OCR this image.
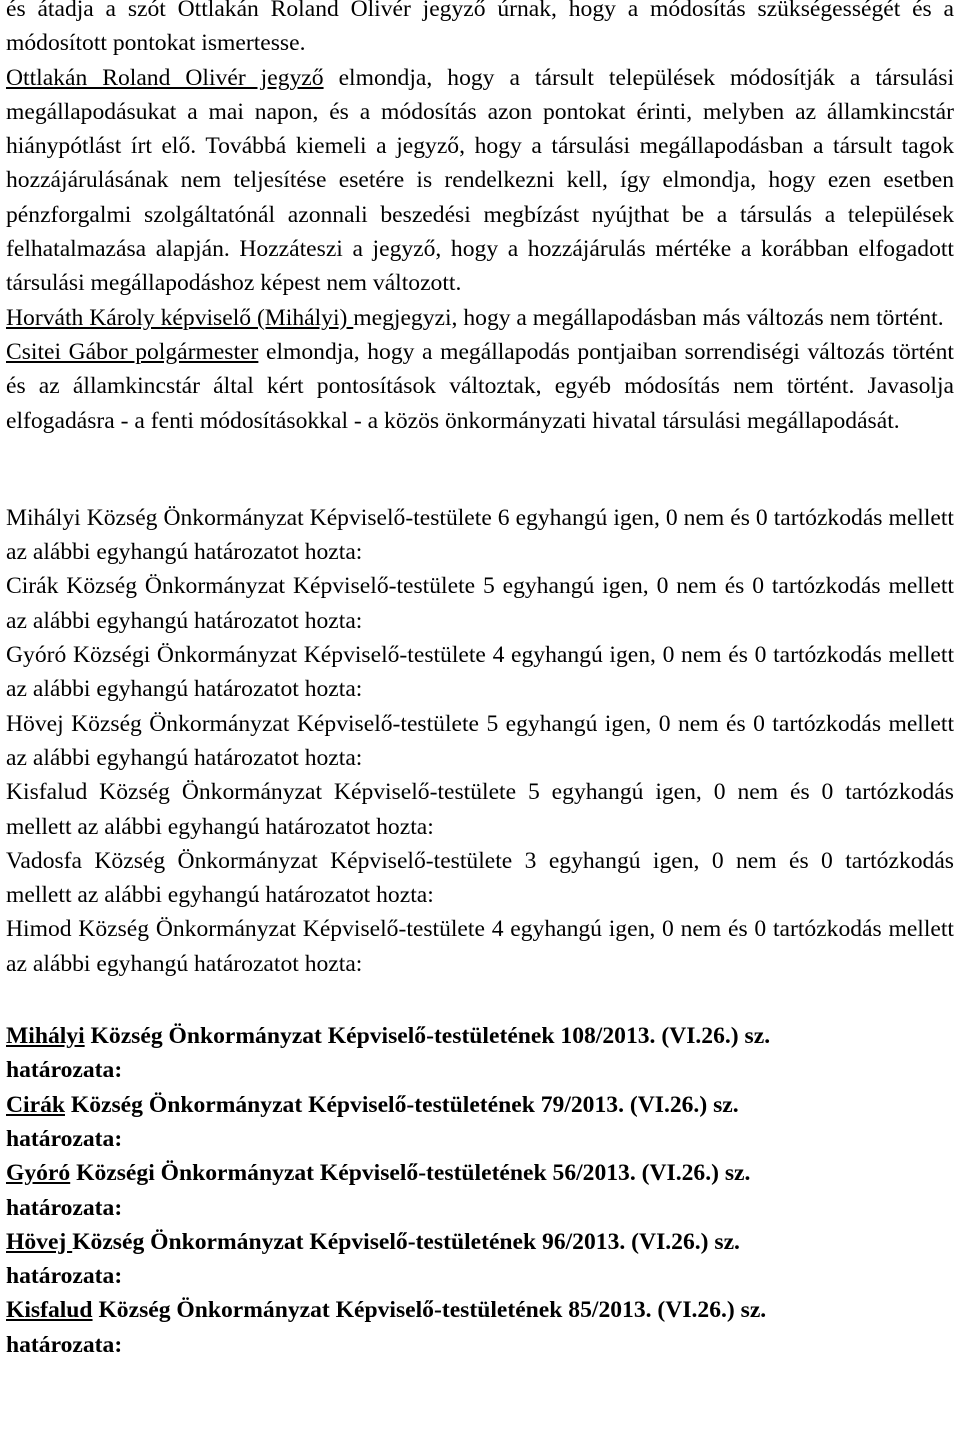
és átadja a szót Ottlakán Roland Olivér jegyző úrnak, hogy a módosítás szükségességét és a módosított pontokat ismertesse.

Ottlakán Roland Olivér jegyző elmondja, hogy a társult települések módosítják a társulási megállapodásukat a mai napon, és a módosítás azon pontokat érinti, melyben az államkincstár hiánypótlást írt elő. Továbbá kiemeli a jegyző, hogy a társulási megállapodásban a társult tagok hozzájárulásának nem teljesítése esetére is rendelkezni kell, így elmondja, hogy ezen esetben pénzforgalmi szolgáltatónál azonnali beszedési megbízást nyújthat be a társulás a települések felhatalmazása alapján. Hozzáteszi a jegyző, hogy a hozzájárulás mértéke a korábban elfogadott társulási megállapodáshoz képest nem változott.

Horváth Károly képviselő (Mihályi) megjegyzi, hogy a megállapodásban más változás nem történt.

Csitei Gábor polgármester elmondja, hogy a megállapodás pontjaiban sorrendiségi változás történt és az államkincstár által kért pontosítások változtak, egyéb módosítás nem történt. Javasolja elfogadásra - a fenti módosításokkal - a közös önkormányzati hivatal társulási megállapodását.

Mihályi Község Önkormányzat Képviselő-testülete 6 egyhangú igen, 0 nem és 0 tartózkodás mellett az alábbi egyhangú határozatot hozta:

Cirák Község Önkormányzat Képviselő-testülete 5 egyhangú igen, 0 nem és 0 tartózkodás mellett az alábbi egyhangú határozatot hozta:

Gyóró Községi Önkormányzat Képviselő-testülete 4 egyhangú igen, 0 nem és 0 tartózkodás mellett az alábbi egyhangú határozatot hozta:

Hövej Község Önkormányzat Képviselő-testülete 5 egyhangú igen, 0 nem és 0 tartózkodás mellett az alábbi egyhangú határozatot hozta:

Kisfalud Község Önkormányzat Képviselő-testülete 5 egyhangú igen, 0 nem és 0 tartózkodás mellett az alábbi egyhangú határozatot hozta:

Vadosfa Község Önkormányzat Képviselő-testülete 3 egyhangú igen, 0 nem és 0 tartózkodás mellett az alábbi egyhangú határozatot hozta:

Himod Község Önkormányzat Képviselő-testülete 4 egyhangú igen, 0 nem és 0 tartózkodás mellett az alábbi egyhangú határozatot hozta:

Mihályi Község Önkormányzat Képviselő-testületének 108/2013. (VI.26.) sz.
határozata:
Cirák Község Önkormányzat Képviselő-testületének 79/2013. (VI.26.) sz.
határozata:
Gyóró Községi Önkormányzat Képviselő-testületének 56/2013. (VI.26.) sz.
határozata:
Hövej Község Önkormányzat Képviselő-testületének 96/2013. (VI.26.) sz.
határozata:
Kisfalud Község Önkormányzat Képviselő-testületének 85/2013. (VI.26.) sz.
határozata:
